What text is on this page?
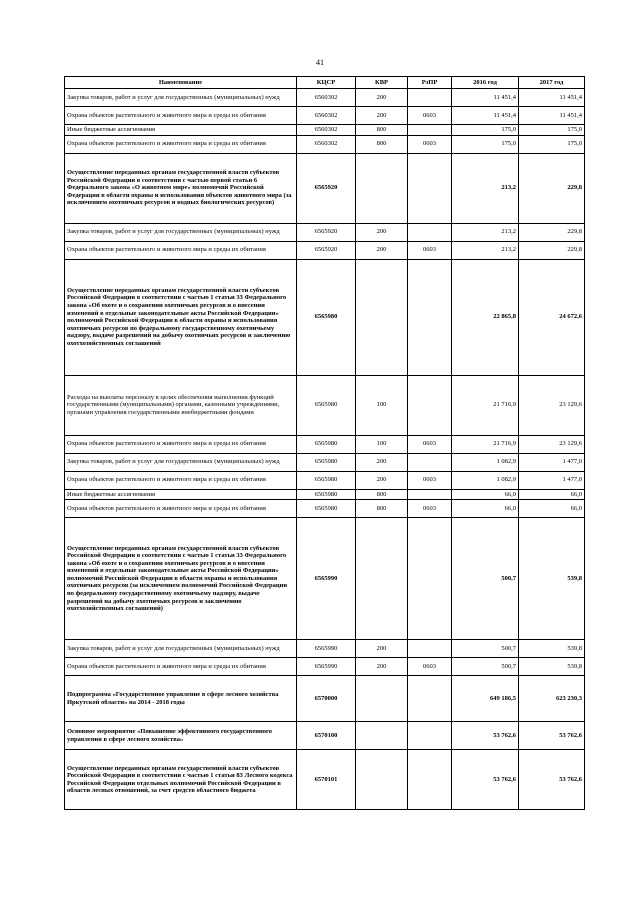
41
Наименование	КЦСР	КВР	РзПР	2016 год	2017 год
Закупка товаров, работ и услуг для государственных (муниципальных) нужд	6560302	200		11 451,4	11 451,4
Охрана объектов растительного и животного мира и среды их обитания	6560302	200	0603	11 451,4	11 451,4
Иные бюджетные ассигнования	6560302	800		175,0	175,0
Охрана объектов растительного и животного мира и среды их обитания	6560302	800	0603	175,0	175,0
Осуществление переданных органам государственной власти субъектов Российской Федерации в соответствии с частью первой статьи 6 Федерального закона «О животном мире» полномочий Российской Федерации в области охраны и использования объектов животного мира (за исключением охотничьих ресурсов и водных биологических ресурсов)	6565920			213,2	229,8
Закупка товаров, работ и услуг для государственных (муниципальных) нужд	6565920	200		213,2	229,8
Охрана объектов растительного и животного мира и среды их обитания	6565920	200	0603	213,2	229,8
Осуществление переданных органам государственной власти субъектов Российской Федерации в соответствии с частью 1 статьи 33 Федерального закона «Об охоте и о сохранении охотничьих ресурсов и о внесении изменений в отдельные законодательные акты Российской Федерации» полномочий Российской Федерации в области охраны и использования охотничьих ресурсов по федеральному государственному охотничьему надзору, выдаче разрешений на добычу охотничьих ресурсов и заключению охотхозяйственных соглашений	6565980			22 865,8	24 672,6
Расходы на выплаты персоналу в целях обеспечения выполнения функций государственными (муниципальными) органами, казенными учреждениями, органами управления государственными внебюджетными фондами	6565980	100		21 716,9	23 129,6
Охрана объектов растительного и животного мира и среды их обитания	6565980	100	0603	21 716,9	23 129,6
Закупка товаров, работ и услуг для государственных (муниципальных) нужд	6565980	200		1 082,9	1 477,0
Охрана объектов растительного и животного мира и среды их обитания	6565980	200	0603	1 082,9	1 477,0
Иные бюджетные ассигнования	6565980	800		66,0	66,0
Охрана объектов растительного и животного мира и среды их обитания	6565980	800	0603	66,0	66,0
Осуществление переданных органам государственной власти субъектов Российской Федерации в соответствии с частью 1 статьи 33 Федерального закона «Об охоте и о сохранении охотничьих ресурсов и о внесении изменений в отдельные законодательные акты Российской Федерации» полномочий Российской Федерации в области охраны и использования охотничьих ресурсов (за исключением полномочий Российской Федерации по федеральному государственному охотничьему надзору, выдаче разрешений на добычу охотничьих ресурсов и заключению охотхозяйственных соглашений)	6565990			500,7	539,8
Закупка товаров, работ и услуг для государственных (муниципальных) нужд	6565990	200		500,7	539,8
Охрана объектов растительного и животного мира и среды их обитания	6565990	200	0603	500,7	539,8
Подпрограмма «Государственное управление в сфере лесного хозяйства Иркутской области» на 2014 - 2018 годы	6570000			649 186,5	623 230,3
Основное мероприятие «Повышение эффективного государственного управления в сфере лесного хозяйства»	6570100			53 762,6	53 762,6
Осуществление переданных органам государственной власти субъектов Российской Федерации в соответствии с частью 1 статьи 83 Лесного кодекса Российской Федерации отдельных полномочий Российской Федерации в области лесных отношений, за счет средств областного бюджета	6570101			53 762,6	53 762,6
